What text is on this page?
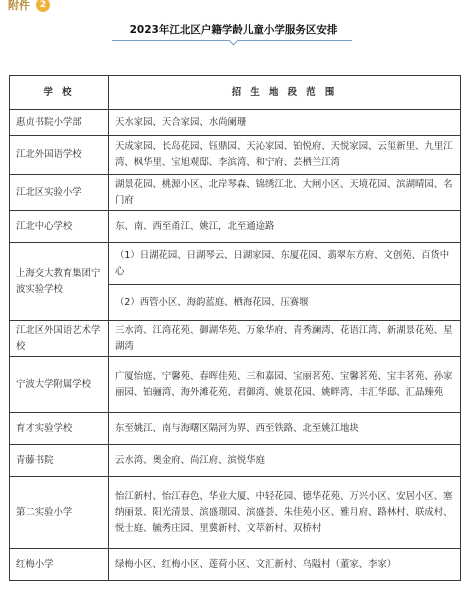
附件	2
2023年江北区户籍学龄儿童小学服务区安排
学 校	招 生 地 段 范 围
惠贞书院小学部	天水家园、天合家园、水尚阑珊
江北外国语学校	天成家园、长岛花园、钰鼎园、天沁家园、铂悦府、天悦家园、云玺新里、九里江湾、枫华里、宝旭观邸、李滨湾、和宁府、芸栖兰江湾
江北区实验小学	湖景花园、桃源小区、北岸琴森、锦绣江北、大闸小区、天境花园、滨湖晴园、名门府
江北中心学校	东、南、西至甬江、姚江，北至通途路
上海交大教育集团宁波实验学校	（1）日湖花园、日湖琴云、日湖家园、东厦花园、翡翠东方府、文创苑、百货中心
	（2）西管小区、海韵蓝庭、栖海花园、压赛堰
江北区外国语艺术学校	三水湾、江湾花苑、御湖华苑、万象华府、青秀澜湾、花语江湾、新湖景花苑、星湖湾
宁波大学附属学校	广厦怡庭、宁馨苑、春晖佳苑、三和嘉园、宝丽茗苑、宝馨茗苑、宝丰茗苑、孙家丽园、铂骊湾、海外滩花苑、君御湾、姚景花园、姚畔湾、丰汇华邸、汇晶臻苑
育才实验学校	东至姚江、南与海曙区隔河为界、西至铁路、北至姚江地块
青藤书院	云水湾、奥金府、尚江府、滨悦华庭
第二实验小学	怡江新村、怡江春色、华业大厦、中轻花园、德华花苑、万兴小区、安居小区、塞纳丽景、阳光清景、滨盛璟园、滨盛荟、朱佳苑小区、雅月府、路林村、联成村、悦士庭、毓秀庄园、里冀新村、文萃新村、双桥村
红梅小学	绿梅小区、红梅小区、莲荷小区、文汇新村、乌隘村（董家、李家）
